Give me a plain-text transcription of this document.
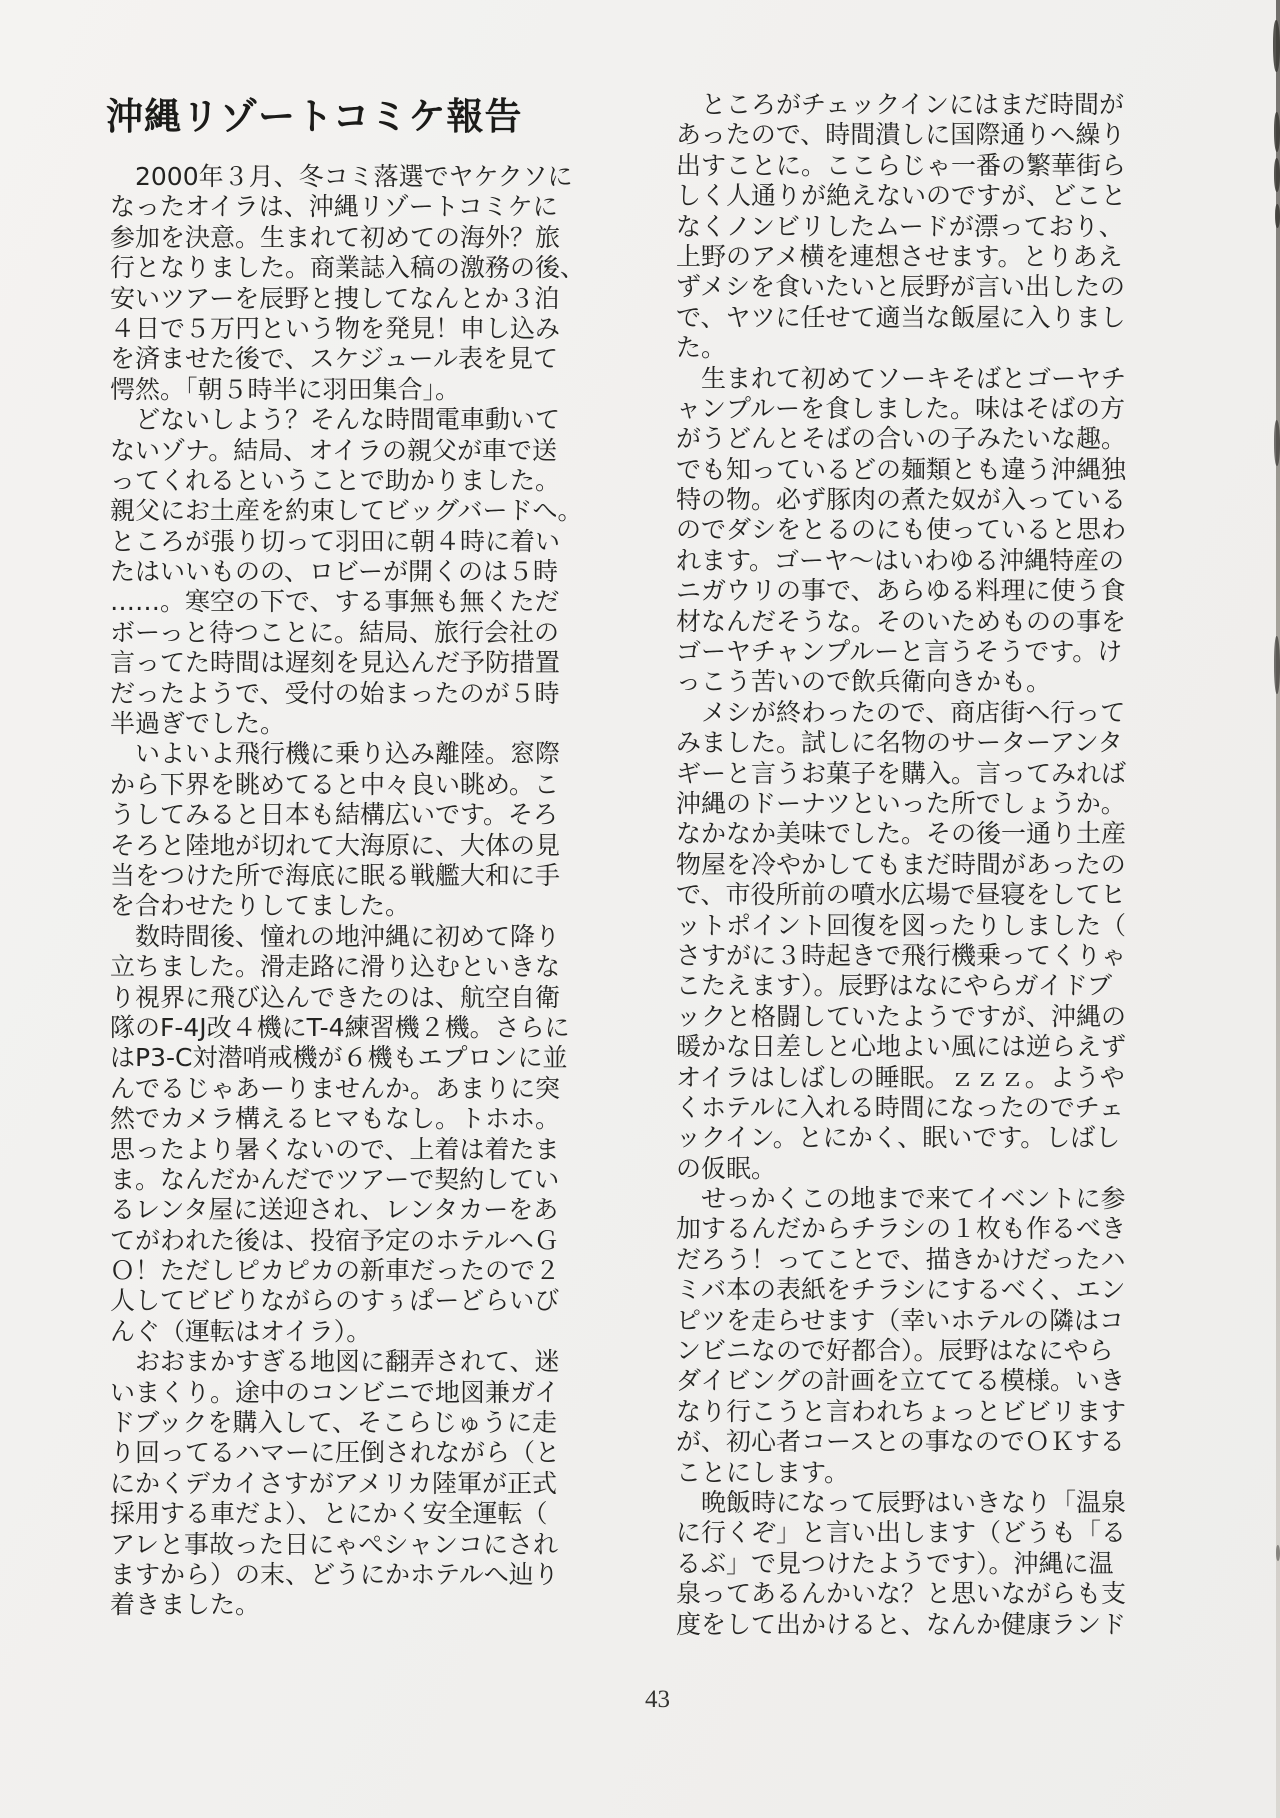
沖縄リゾートコミケ報告
　2000年３月、冬コミ落選でヤケクソに
なったオイラは、沖縄リゾートコミケに
参加を決意。生まれて初めての海外？旅
行となりました。商業誌入稿の激務の後、
安いツアーを辰野と捜してなんとか３泊
４日で５万円という物を発見！申し込み
を済ませた後で、スケジュール表を見て
愕然。「朝５時半に羽田集合」。
　どないしよう？そんな時間電車動いて
ないゾナ。結局、オイラの親父が車で送
ってくれるということで助かりました。
親父にお土産を約束してビッグバードへ。
ところが張り切って羽田に朝４時に着い
たはいいものの、ロビーが開くのは５時
……。寒空の下で、する事無も無くただ
ボーっと待つことに。結局、旅行会社の
言ってた時間は遅刻を見込んだ予防措置
だったようで、受付の始まったのが５時
半過ぎでした。
　いよいよ飛行機に乗り込み離陸。窓際
から下界を眺めてると中々良い眺め。こ
うしてみると日本も結構広いです。そろ
そろと陸地が切れて大海原に、大体の見
当をつけた所で海底に眠る戦艦大和に手
を合わせたりしてました。
　数時間後、憧れの地沖縄に初めて降り
立ちました。滑走路に滑り込むといきな
り視界に飛び込んできたのは、航空自衛
隊のF-4J改４機にT-4練習機２機。さらに
はP3-C対潜哨戒機が６機もエプロンに並
んでるじゃあーりませんか。あまりに突
然でカメラ構えるヒマもなし。トホホ。
思ったより暑くないので、上着は着たま
ま。なんだかんだでツアーで契約してい
るレンタ屋に送迎され、レンタカーをあ
てがわれた後は、投宿予定のホテルへＧ
Ｏ！ただしピカピカの新車だったので２
人してビビりながらのすぅぱーどらいび
んぐ（運転はオイラ）。
　おおまかすぎる地図に翻弄されて、迷
いまくり。途中のコンビニで地図兼ガイ
ドブックを購入して、そこらじゅうに走
り回ってるハマーに圧倒されながら（と
にかくデカイさすがアメリカ陸軍が正式
採用する車だよ）、とにかく安全運転（
アレと事故った日にゃぺシャンコにされ
ますから）の末、どうにかホテルへ辿り
着きました。
　ところがチェックインにはまだ時間が
あったので、時間潰しに国際通りへ繰り
出すことに。ここらじゃ一番の繁華街ら
しく人通りが絶えないのですが、どこと
なくノンビリしたムードが漂っており、
上野のアメ横を連想させます。とりあえ
ずメシを食いたいと辰野が言い出したの
で、ヤツに任せて適当な飯屋に入りまし
た。
　生まれて初めてソーキそばとゴーヤチ
ャンプルーを食しました。味はそばの方
がうどんとそばの合いの子みたいな趣。
でも知っているどの麺類とも違う沖縄独
特の物。必ず豚肉の煮た奴が入っている
のでダシをとるのにも使っていると思わ
れます。ゴーヤ～はいわゆる沖縄特産の
ニガウリの事で、あらゆる料理に使う食
材なんだそうな。そのいためものの事を
ゴーヤチャンプルーと言うそうです。け
っこう苦いので飲兵衛向きかも。
　メシが終わったので、商店街へ行って
みました。試しに名物のサーターアンタ
ギーと言うお菓子を購入。言ってみれば
沖縄のドーナツといった所でしょうか。
なかなか美味でした。その後一通り土産
物屋を冷やかしてもまだ時間があったの
で、市役所前の噴水広場で昼寝をしてヒ
ットポイント回復を図ったりしました（
さすがに３時起きで飛行機乗ってくりゃ
こたえます）。辰野はなにやらガイドブ
ックと格闘していたようですが、沖縄の
暖かな日差しと心地よい風には逆らえず
オイラはしばしの睡眠。ｚｚｚ。ようや
くホテルに入れる時間になったのでチェ
ックイン。とにかく、眠いです。しばし
の仮眠。
　せっかくこの地まで来てイベントに参
加するんだからチラシの１枚も作るべき
だろう！ってことで、描きかけだったハ
ミバ本の表紙をチラシにするべく、エン
ピツを走らせます（幸いホテルの隣はコ
ンビニなので好都合）。辰野はなにやら
ダイビングの計画を立ててる模様。いき
なり行こうと言われちょっとビビリます
が、初心者コースとの事なのでＯＫする
ことにします。
　晩飯時になって辰野はいきなり「温泉
に行くぞ」と言い出します（どうも「る
るぶ」で見つけたようです）。沖縄に温
泉ってあるんかいな？と思いながらも支
度をして出かけると、なんか健康ランド
43
